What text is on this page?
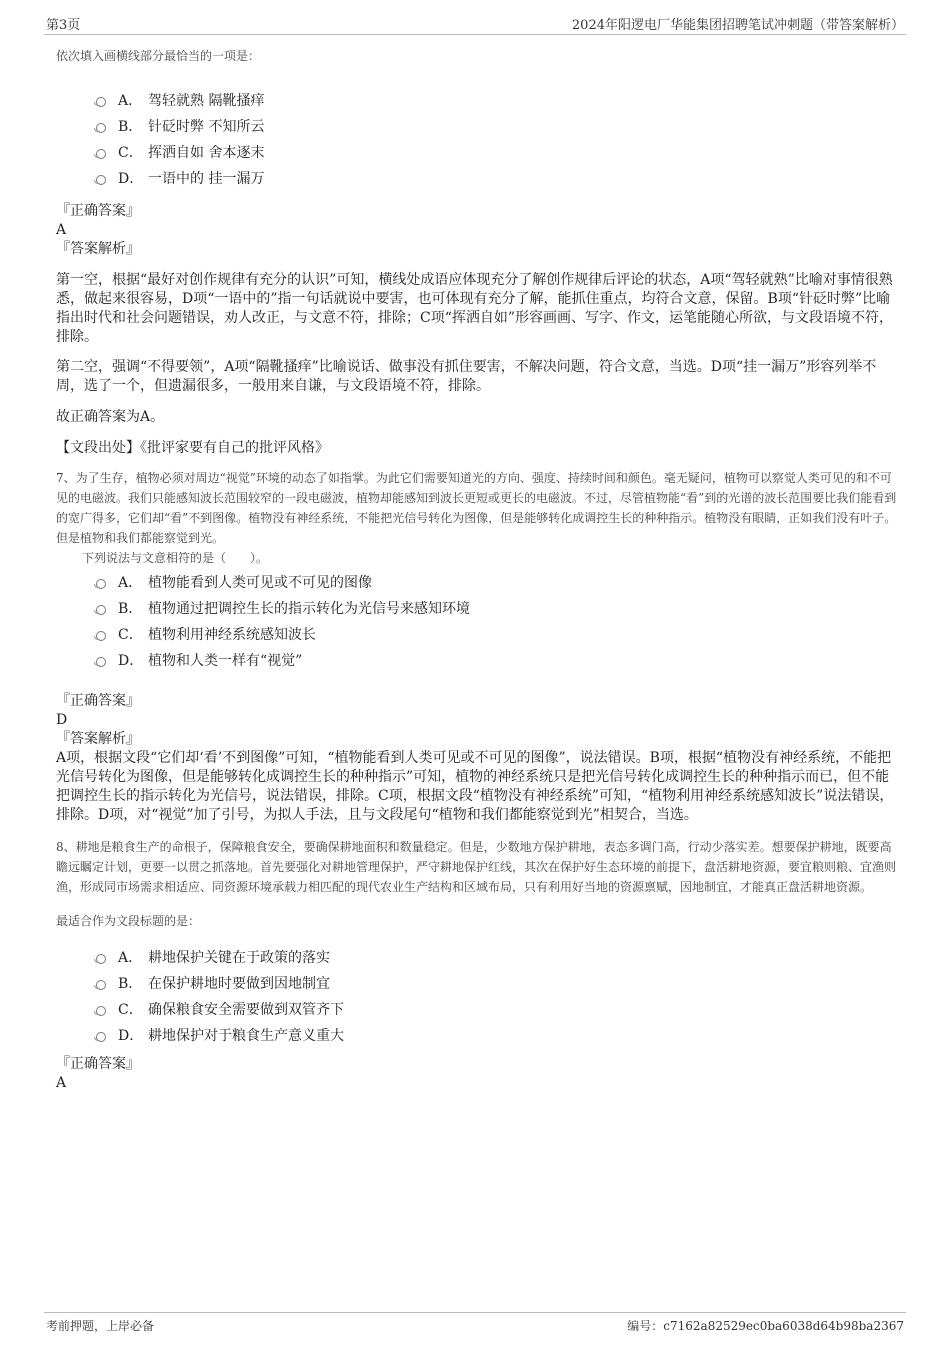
第3页	2024年阳逻电厂华能集团招聘笔试冲刺题（带答案解析）
依次填入画横线部分最恰当的一项是：
A． 驾轻就熟 隔靴搔痒
B． 针砭时弊 不知所云
C． 挥洒自如 舍本逐末
D． 一语中的 挂一漏万
『正确答案』
A
『答案解析』
第一空，根据“最好对创作规律有充分的认识”可知，横线处成语应体现充分了解创作规律后评论的状态，A项“驾轻就熟”比喻对事情很熟悉，做起来很容易，D项“一语中的”指一句话就说中要害，也可体现有充分了解，能抓住重点，均符合文意，保留。B项“针砭时弊”比喻指出时代和社会问题错误，劝人改正，与文意不符，排除；C项“挥洒自如”形容画画、写字、作文，运笔能随心所欲，与文段语境不符，排除。
第二空，强调“不得要领”，A项“隔靴搔痒”比喻说话、做事没有抓住要害，不解决问题，符合文意，当选。D项“挂一漏万”形容列举不周，选了一个，但遗漏很多，一般用来自谦，与文段语境不符，排除。
故正确答案为A。
【文段出处】《批评家要有自己的批评风格》
7、为了生存，植物必须对周边“视觉”环境的动态了如指掌。为此它们需要知道光的方向、强度、持续时间和颜色。毫无疑问，植物可以察觉人类可见的和不可见的电磁波。我们只能感知波长范围较窄的一段电磁波，植物却能感知到波长更短或更长的电磁波。不过，尽管植物能“看”到的光谱的波长范围要比我们能看到的宽广得多，它们却“看”不到图像。植物没有神经系统，不能把光信号转化为图像，但是能够转化成调控生长的种种指示。植物没有眼睛，正如我们没有叶子。但是植物和我们都能察觉到光。
下列说法与文意相符的是（　　）。
A． 植物能看到人类可见或不可见的图像
B． 植物通过把调控生长的指示转化为光信号来感知环境
C． 植物利用神经系统感知波长
D． 植物和人类一样有“视觉”
『正确答案』
D
『答案解析』
A项，根据文段“它们却‘看’不到图像”可知，“植物能看到人类可见或不可见的图像”，说法错误。B项，根据“植物没有神经系统，不能把光信号转化为图像，但是能够转化成调控生长的种种指示”可知，植物的神经系统只是把光信号转化成调控生长的种种指示而已，但不能把调控生长的指示转化为光信号，说法错误，排除。C项，根据文段“植物没有神经系统”可知，“植物利用神经系统感知波长”说法错误，排除。D项，对“视觉”加了引号，为拟人手法，且与文段尾句“植物和我们都能察觉到光”相契合，当选。
8、耕地是粮食生产的命根子，保障粮食安全，要确保耕地面积和数量稳定。但是，少数地方保护耕地，表态多调门高，行动少落实差。想要保护耕地，既要高瞻远瞩定计划，更要一以贯之抓落地。首先要强化对耕地管理保护，严守耕地保护红线，其次在保护好生态环境的前提下，盘活耕地资源，要宜粮则粮、宜渔则渔，形成同市场需求相适应、同资源环境承载力相匹配的现代农业生产结构和区域布局，只有利用好当地的资源禀赋，因地制宜，才能真正盘活耕地资源。
最适合作为文段标题的是：
A． 耕地保护关键在于政策的落实
B． 在保护耕地时要做到因地制宜
C． 确保粮食安全需要做到双管齐下
D． 耕地保护对于粮食生产意义重大
『正确答案』
A
考前押题，上岸必备	编号：c7162a82529ec0ba6038d64b98ba2367
